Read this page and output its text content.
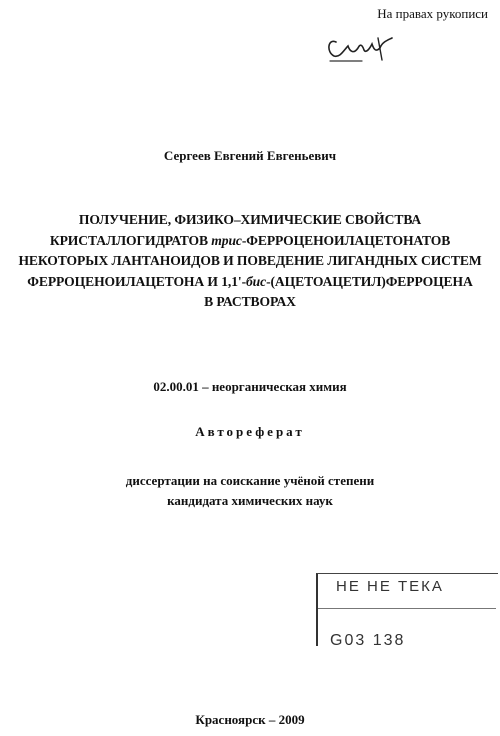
На правах рукописи
Сергеев Евгений Евгеньевич
ПОЛУЧЕНИЕ, ФИЗИКО–ХИМИЧЕСКИЕ СВОЙСТВА
КРИСТАЛЛОГИДРАТОВ трис-ФЕРРОЦЕНОИЛАЦЕТОНАТОВ
НЕКОТОРЫХ ЛАНТАНОИДОВ И ПОВЕДЕНИЕ ЛИГАНДНЫХ СИСТЕМ
ФЕРРОЦЕНОИЛАЦЕТОНА И 1,1'-бис-(АЦЕТОАЦЕТИЛ)ФЕРРОЦЕНА
В РАСТВОРАХ
02.00.01 – неорганическая химия
Автореферат
диссертации на соискание учёной степени
кандидата химических наук
НЕ НЕ ТЕКА
G03 138
Красноярск – 2009
